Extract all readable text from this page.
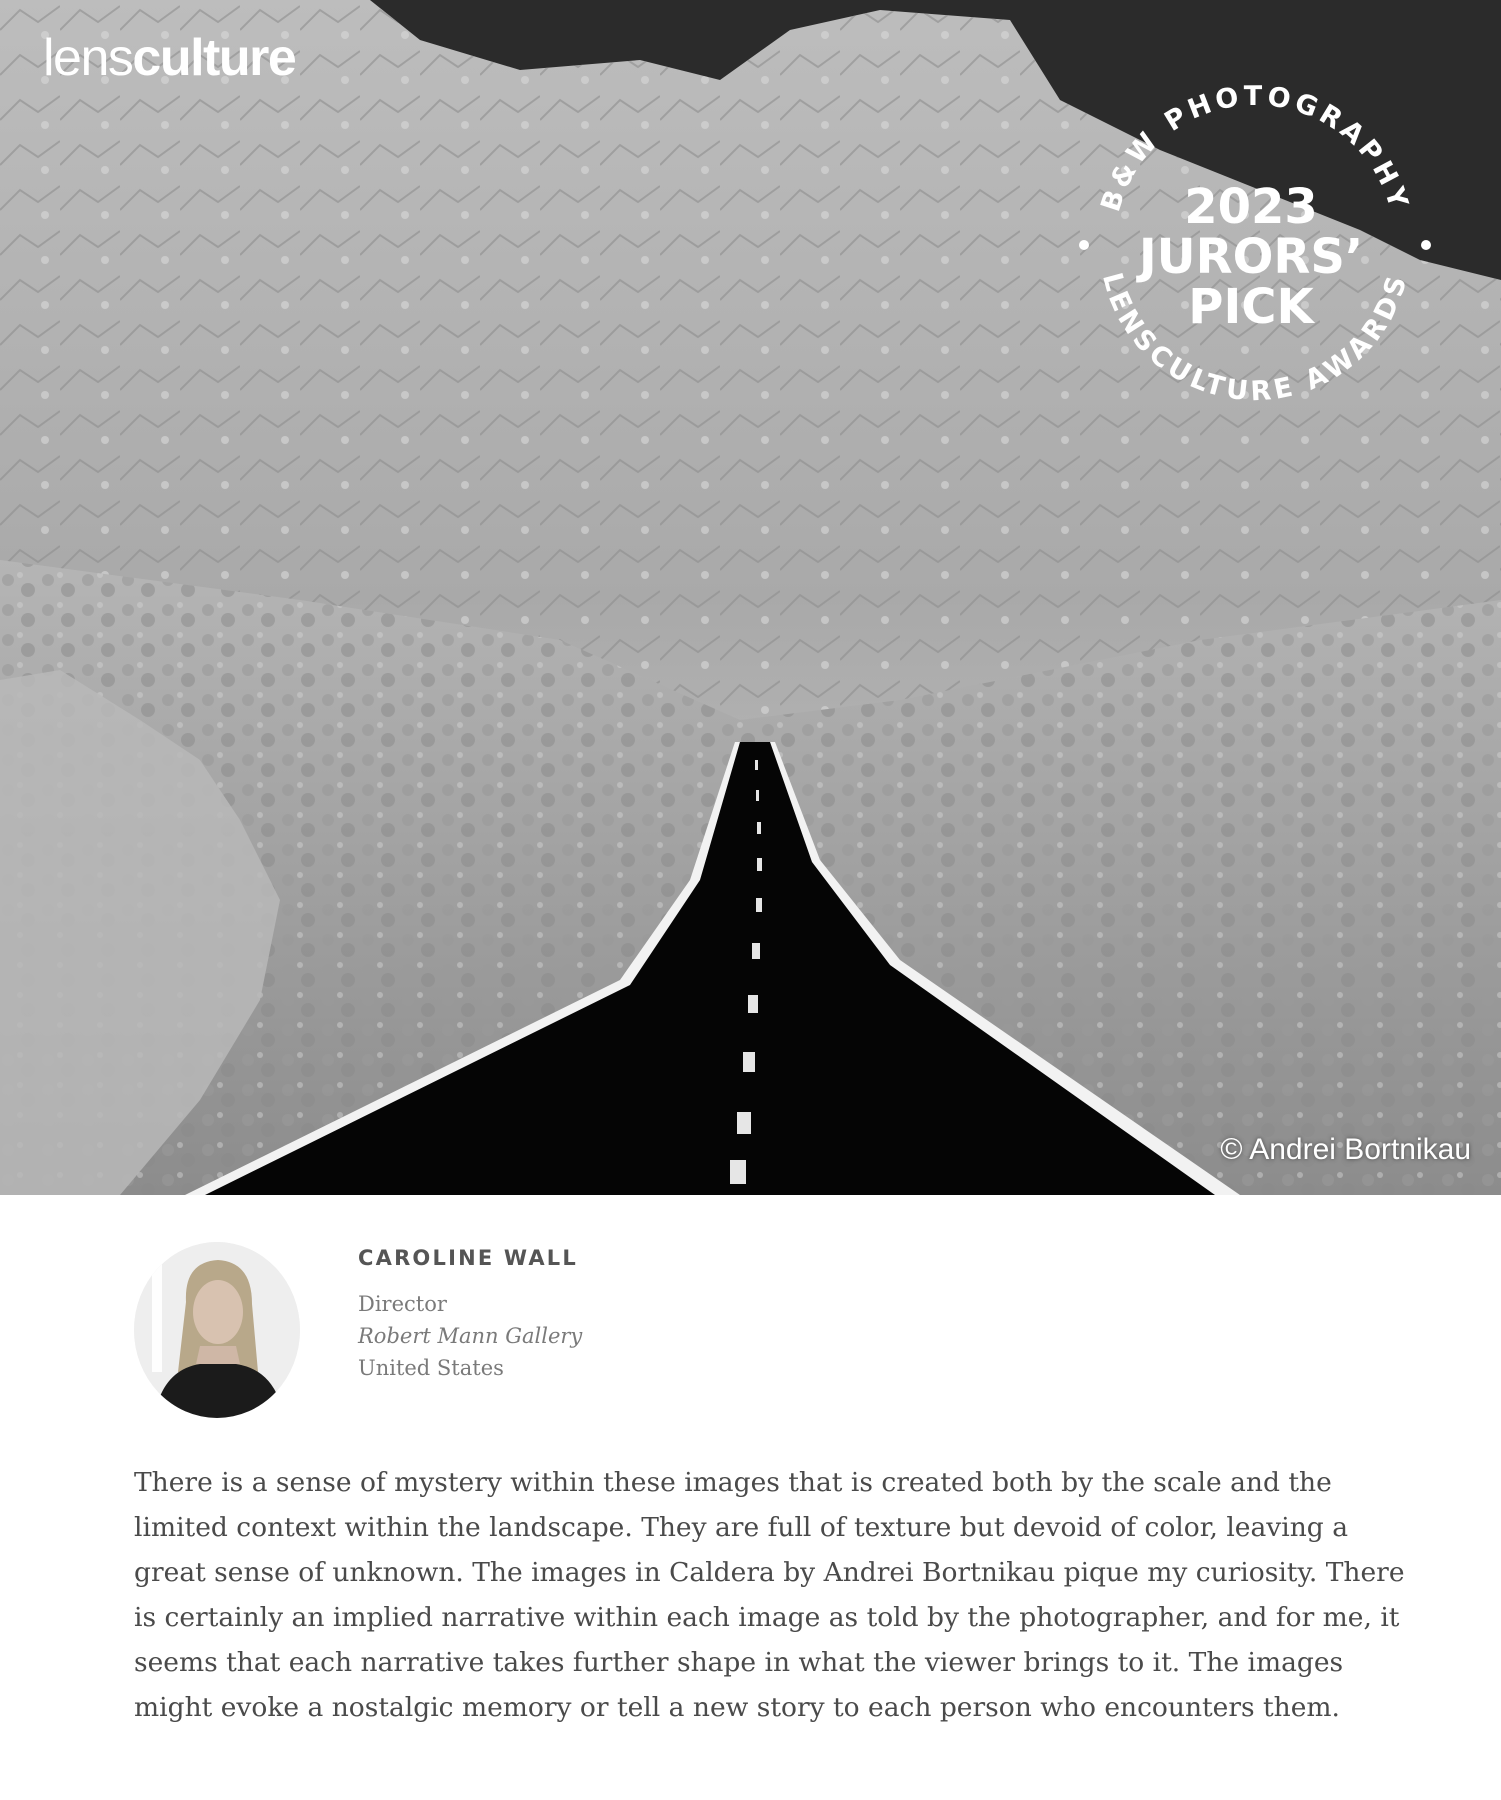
lensculture
B&W PHOTOGRAPHY
LENSCULTURE AWARDS
2023
JURORS’
PICK
© Andrei Bortnikau
CAROLINE WALL
Director
Robert Mann Gallery
United States
There is a sense of mystery within these images that is created both by the scale and the limited context within the landscape. They are full of texture but devoid of color, leaving a great sense of unknown. The images in Caldera by Andrei Bortnikau pique my curiosity. There is certainly an implied narrative within each image as told by the photographer, and for me, it seems that each narrative takes further shape in what the viewer brings to it. The images might evoke a nostalgic memory or tell a new story to each person who encounters them.
